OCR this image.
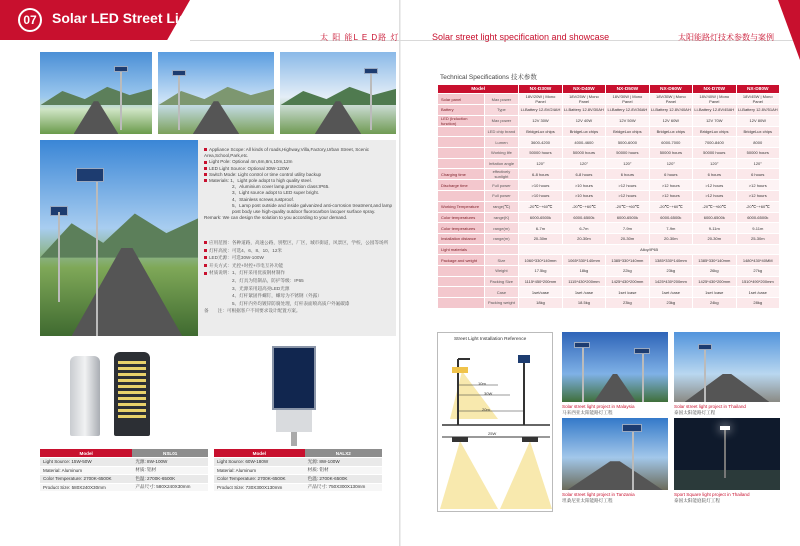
07	Solar LED Street Light
太 阳 能L E D路 灯	Solar street light specification and showcase	太阳能路灯技术参数与案例
Appliance Scope: All kinds of roads,Highway,Villa,Factory,Urban Street, Scenic Area,School,Park,etc.
Light Pole: Optional 4m,6m,8m,10m,12m
LED Light Source: Optional 30W-120W
Switch Mode: Light control or time control utility backup
Materials: 1、Light pole adopt to high quality steel.
2、Aluminium cover lamp,protection class:IP65.
3、Light source adopt to LED super bright.
4、Stainless screws,rustproof.
5、Lamp post outside and inside galvanized anti-corrosion treatment,and lamp post body use high-quality outdoor fluorocarbon lacquer surface spray.
Remark: We can design the solution to you according to your demand.
应用范围：各种道路，高速公路，别墅区，厂区，城市街道，风景区，学校，公园等场所
灯杆高度：可选4、6、8、10、12米
LED光源：可选30W-100W
开关方式：光控+时控+市电互补功能
材质说明：1、灯杆采用优质钢材制作
2、灯具为铝制品，防护等级：IP65
3、光源采用超高亮LED光源
4、灯杆紧固件螺钉，螺母为不锈钢（外露）
5、灯杆内外均镀锌防腐处理，灯杆表面喷高质户外氟碳漆
备　　注：可根据客户不同要求设计配置方案。
Model	NSL01
Light Source: 15W-50W	光源: 8W-100W
Material: Aluminum	材质: 铝材
Color Temperature: 2700K-6500K	色温: 2700K-6500K
Product Size: 580X240X30mm	产品尺寸: 580X240X30mm
Model	NALX2
Light Source: 60W-180W	光源: 8W-100W
Material: Aluminum	材质: 铝材
Color Temperature: 2700K-6500K	色温: 2700K-6500K
Product Size: 730X300X130mm	产品尺寸: 750X300X130mm
Technical Specifications 技术参数
Model		NX-D30W	NX-D40W	NX-D50W	NX-D60W	NX-D70W	NX-D80W
Solar panel	Max power	18V/20W | Mono Panel	18V/25W | Mono Panel	18V/30W | Mono Panel	18V/35W | Mono Panel	18V/40W | Mono Panel	18V/45W | Mono Panel
Battery	Type	Li-Battery 12.8V/24AH	Li-Battery 12.8V/30AH	Li-Battery 12.8V/36AH	Li-Battery 12.8V/40AH	Li-Battery 12.8V/45AH	Li-Battery 12.8V/51AH
LED (Induction function)	Max power	12V 30W	12V 40W	12V 50W	12V 60W	12V 70W	12V 80W
	LED chip brand	BridgeLux chips	BridgeLux chips	BridgeLux chips	BridgeLux chips	BridgeLux chips	BridgeLux chips
	Lumen	3600-4200	4000-4600	5000-6000	6000-7000	7000-8400	8000
	Working life	50000 hours	50000 hours	50000 hours	50000 hours	50000 hours	50000 hours
	Irritation angle	120°	120°	120°	120°	120°	120°
Charging time	effectively sunlight	6-8 hours	6-8 hours	6 hours	6 hours	6 hours	6 hours
Discharge time	Full power	>10 hours	>10 hours	>12 hours	>12 hours	>12 hours	>12 hours
	Full power	>10 hours	>10 hours	>12 hours	>12 hours	>12 hours	>12 hours
Working Temperature	range(℃)	-20℃~+60℃	-20℃~+60℃	-20℃~+60℃	-20℃~+60℃	-20℃~+60℃	-20℃~+60℃
Color temperatures	range(K)	6000-6500k	6000-6500k	6000-6500k	6000-6500k	6000-6500k	6000-6500k
Color temperatures	range(m)	6-7m	6-7m	7-9m	7-9m	9-11m	9-11m
Installation distance	range(m)	20-30m	20-30m	20-30m	20-30m	20-30m	25-30m
Light materials		Alloy/IP65					
Package and weight	Size	1060*330*140mm	1065*330*140mm	1385*330*140mm	1385*330*140mm	1385*330*140mm	1480*430*40MM
	Weight	17.5kg	18kg	22kg	23kg	26kg	27kg
	Packing Size	1115*450*200mm	1115*430*200mm	1425*430*200mm	1425*430*200mm	1425*430*200mm	1510*490*200mm
	Case	1set/case	1set /case	1set /case	1set /case	1set /case	1set /case
	Packing weight	18kg	18.5kg	23kg	23kg	24kg	28kg
Street Light Installation Reference
10m
20m
30W
25W
Solar street light project in Malaysia
马来西亚太阳能路灯工程
Solar street light project in Thailand
泰国太阳能路灯工程
Solar street light project in Tanzania
坦桑尼亚太阳能路灯工程
Sport Square light project in Thailand
泰国太阳能庭院灯工程
